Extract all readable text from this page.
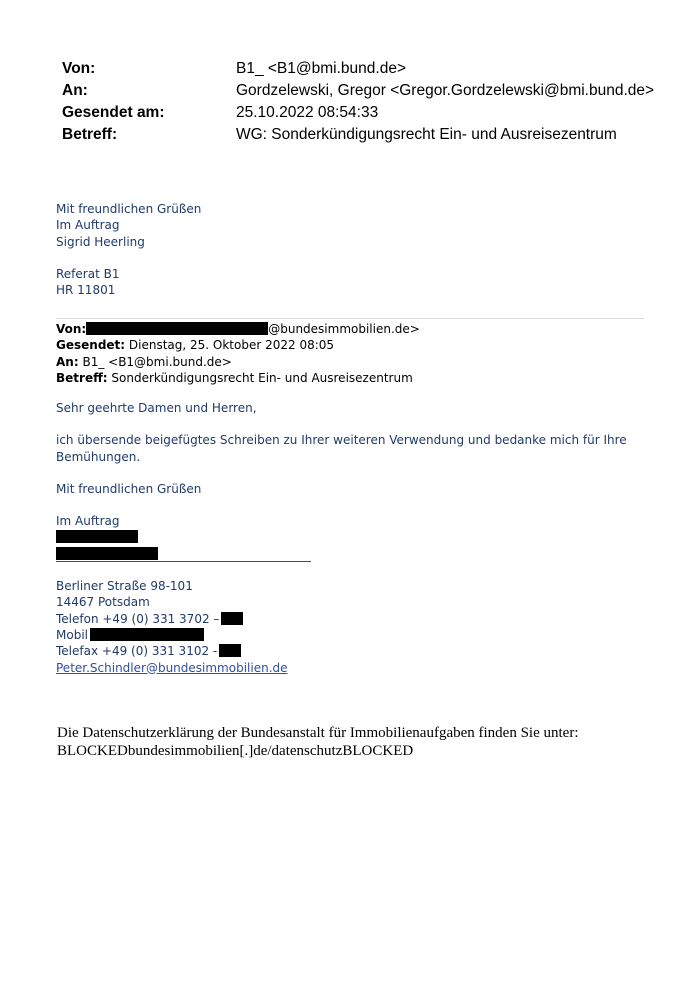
Von:	B1_ <B1@bmi.bund.de>
An:	Gordzelewski, Gregor <Gregor.Gordzelewski@bmi.bund.de>
Gesendet am:	25.10.2022 08:54:33
Betreff:	WG: Sonderkündigungsrecht Ein- und Ausreisezentrum
Mit freundlichen Grüßen
Im Auftrag
Sigrid Heerling
Referat B1
HR 11801
Von:	@bundesimmobilien.de>
Gesendet: Dienstag, 25. Oktober 2022 08:05
An: B1_ <B1@bmi.bund.de>
Betreff: Sonderkündigungsrecht Ein- und Ausreisezentrum
Sehr geehrte Damen und Herren,
ich übersende beigefügtes Schreiben zu Ihrer weiteren Verwendung und bedanke mich für Ihre
Bemühungen.
Mit freundlichen Grüßen
Im Auftrag
Berliner Straße 98-101
14467 Potsdam
Telefon +49 (0) 331 3702 –
Mobil
Telefax +49 (0) 331 3102 -
Peter.Schindler@bundesimmobilien.de
Die Datenschutzerklärung der Bundesanstalt für Immobilienaufgaben finden Sie unter:
BLOCKEDbundesimmobilien[.]de/datenschutzBLOCKED
